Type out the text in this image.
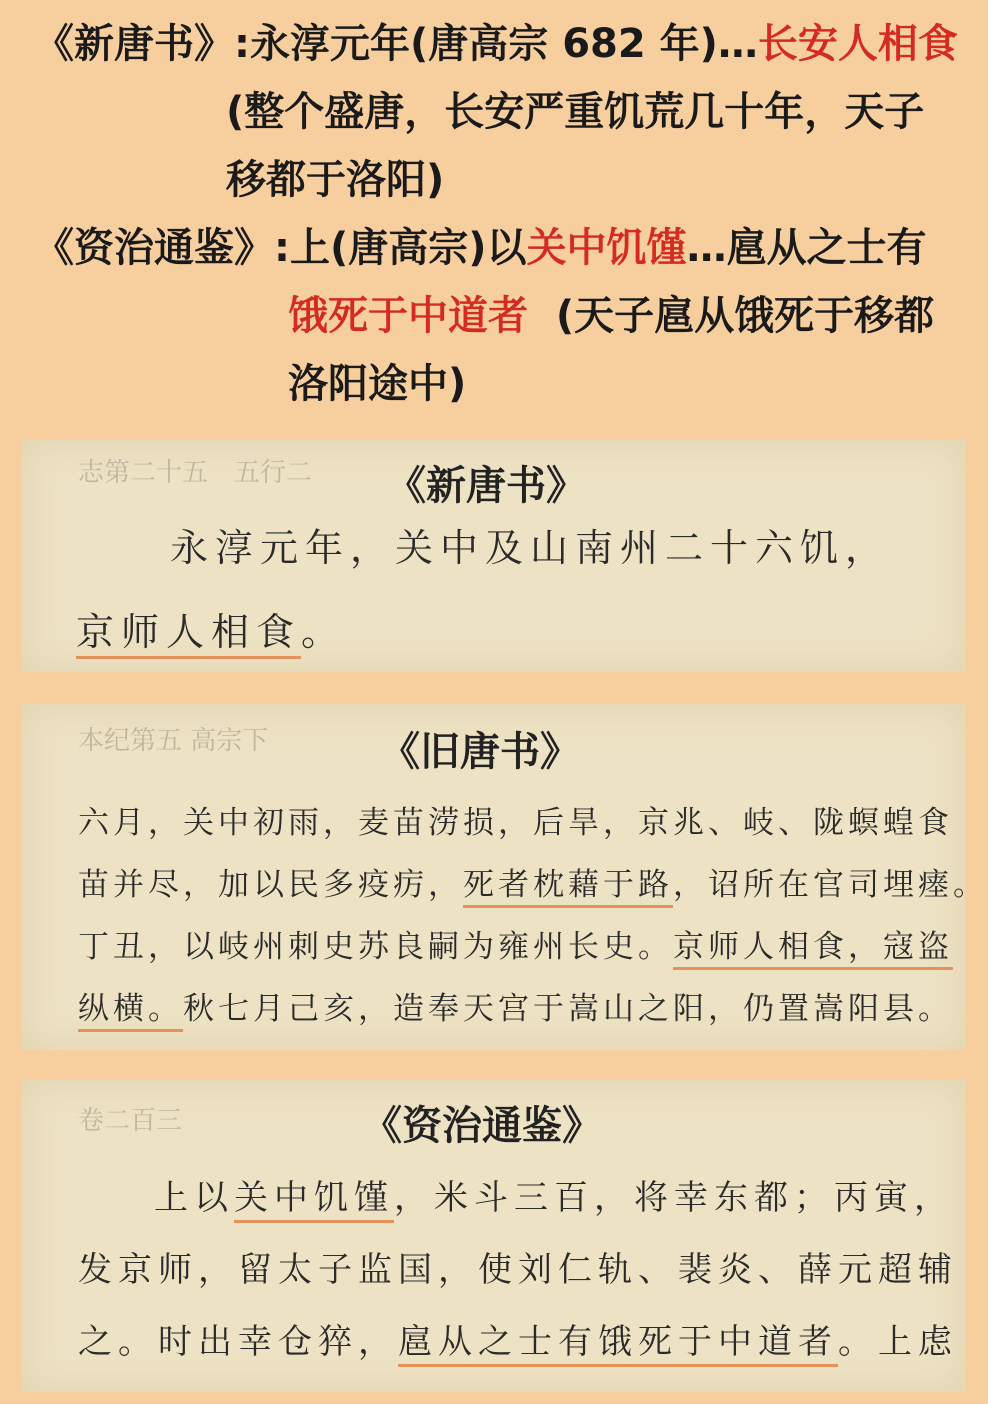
《新唐书》:永淳元年(唐高宗 682 年)…长安人相食
(整个盛唐，长安严重饥荒几十年，天子
移都于洛阳)
《资治通鉴》:上(唐高宗)以关中饥馑…扈从之士有
饿死于中道者  (天子扈从饿死于移都
洛阳途中)
志第二十五　五行二 《新唐书》
永淳元年，关中及山南州二十六饥，
京师人相食。
本纪第五 高宗下	《旧唐书》
六月，关中初雨，麦苗涝损，后旱，京兆、岐、陇螟蝗食
苗并尽，加以民多疫疠，死者枕藉于路，诏所在官司埋瘗。
丁丑，以岐州刺史苏良嗣为雍州长史。京师人相食，寇盗
纵横。秋七月己亥，造奉天宫于嵩山之阳，仍置嵩阳县。
卷二百三	《资治通鉴》
上以关中饥馑，米斗三百，将幸东都；丙寅，
发京师，留太子监国，使刘仁轨、裴炎、薛元超辅
之。时出幸仓猝，扈从之士有饿死于中道者。上虑
